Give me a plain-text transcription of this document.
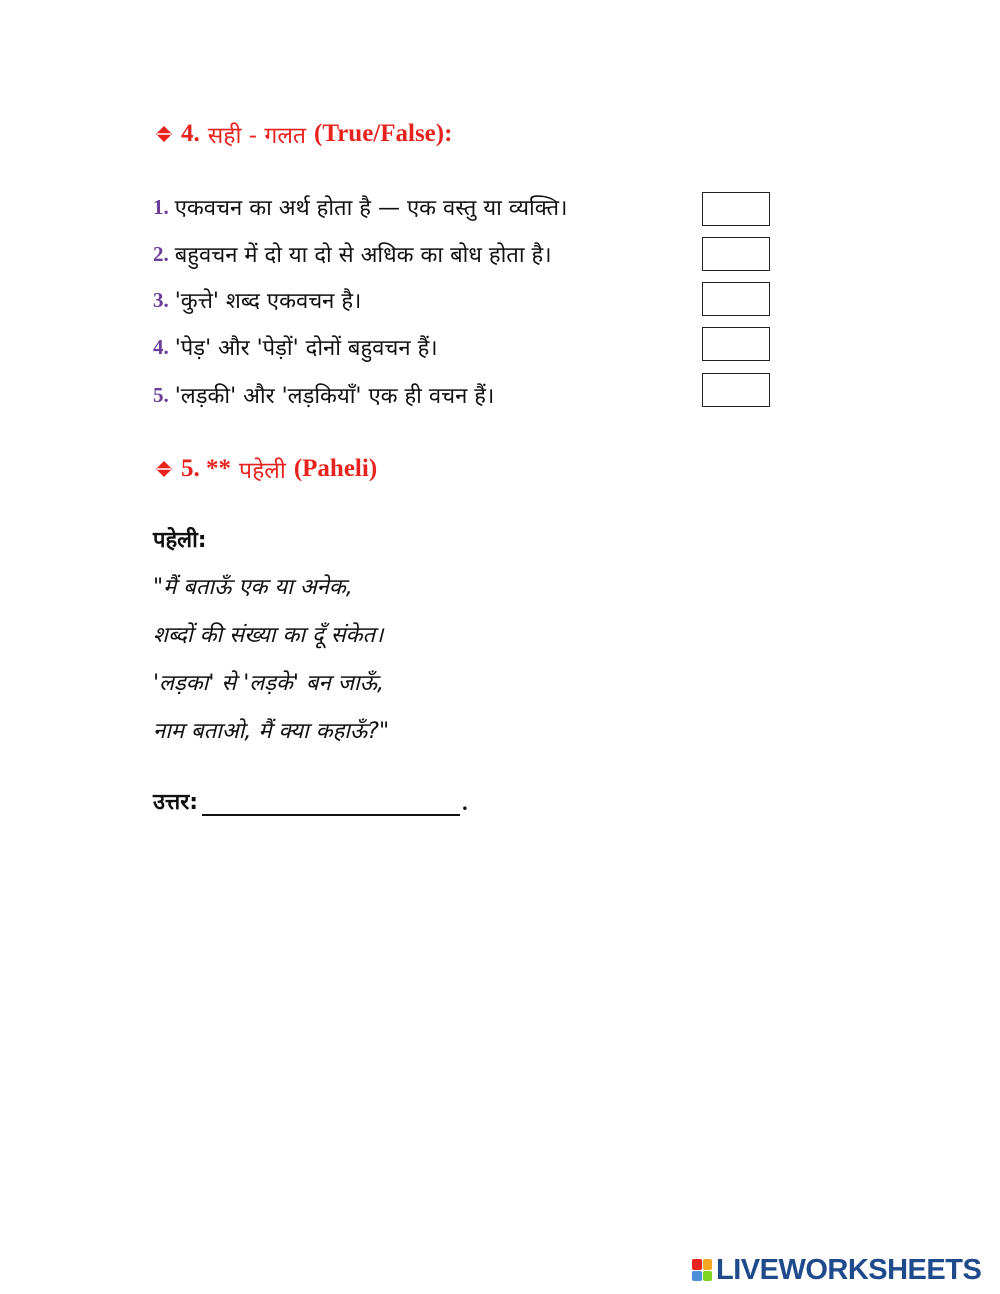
4. सही - गलत (True/False):
1. एकवचन का अर्थ होता है — एक वस्तु या व्यक्ति।
2. बहुवचन में दो या दो से अधिक का बोध होता है।
3. 'कुत्ते' शब्द एकवचन है।
4. 'पेड़' और 'पेड़ों' दोनों बहुवचन हैं।
5. 'लड़की' और 'लड़कियाँ' एक ही वचन हैं।
5. ** पहेली (Paheli)
पहेली:
"मैं बताऊँ एक या अनेक,
शब्दों की संख्या का दूँ संकेत।
'लड़का' से 'लड़के' बन जाऊँ,
नाम बताओ, मैं क्या कहाऊँ?"
उत्तर:	.
LIVEWORKSHEETS
